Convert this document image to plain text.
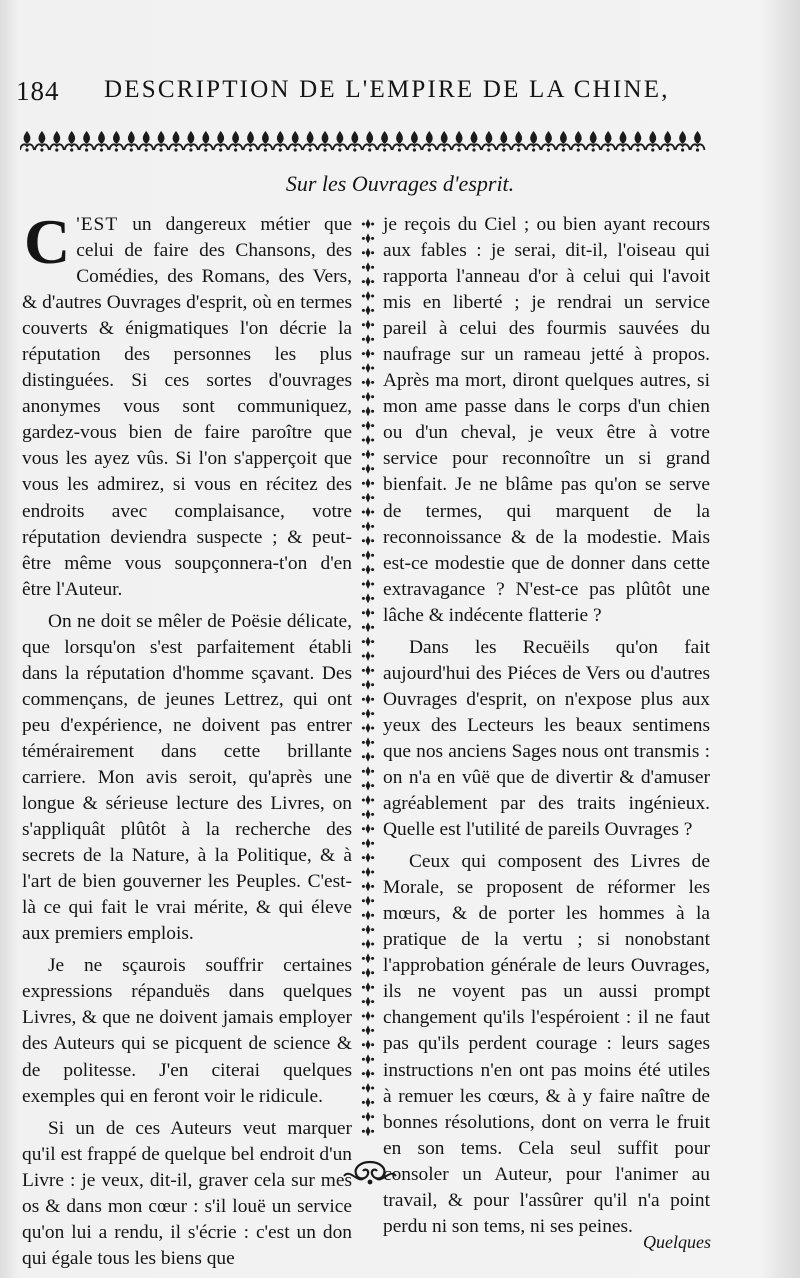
184 DESCRIPTION DE L'EMPIRE DE LA CHINE,
Sur les Ouvrages d'esprit.

C 'EST un dangereux métier que celui de faire des Chansons, des Comédies, des Romans, des Vers, & d'autres Ouvrages d'esprit, où en termes couverts & énigmatiques l'on décrie la réputation des personnes les plus distinguées. Si ces sortes d'ouvrages anonymes vous sont communiquez, gardez-vous bien de faire paroître que vous les ayez vûs. Si l'on s'apperçoit que vous les admirez, si vous en récitez des endroits avec complaisance, votre réputation deviendra suspecte ; & peut-être même vous soupçonnera-t'on d'en être l'Auteur.

On ne doit se mêler de Poësie délicate, que lorsqu'on s'est parfaitement établi dans la réputation d'homme sçavant. Des commençans, de jeunes Lettrez, qui ont peu d'expérience, ne doivent pas entrer témérairement dans cette brillante carriere. Mon avis seroit, qu'après une longue & sérieuse lecture des Livres, on s'appliquât plûtôt à la recherche des secrets de la Nature, à la Politique, & à l'art de bien gouverner les Peuples. C'est-là ce qui fait le vrai mérite, & qui éleve aux premiers emplois.

Je ne sçaurois souffrir certaines expressions répanduës dans quelques Livres, & que ne doivent jamais employer des Auteurs qui se picquent de science & de politesse. J'en citerai quelques exemples qui en feront voir le ridicule.

Si un de ces Auteurs veut marquer qu'il est frappé de quelque bel endroit d'un Livre : je veux, dit-il, graver cela sur mes os & dans mon cœur : s'il louë un service qu'on lui a rendu, il s'écrie : c'est un don qui égale tous les biens que

je reçois du Ciel ; ou bien ayant recours aux fables : je serai, dit-il, l'oiseau qui rapporta l'anneau d'or à celui qui l'avoit mis en liberté ; je rendrai un service pareil à celui des fourmis sauvées du naufrage sur un rameau jetté à propos. Après ma mort, diront quelques autres, si mon ame passe dans le corps d'un chien ou d'un cheval, je veux être à votre service pour reconnoître un si grand bienfait. Je ne blâme pas qu'on se serve de termes, qui marquent de la reconnoissance & de la modestie. Mais est-ce modestie que de donner dans cette extravagance ? N'est-ce pas plûtôt une lâche & indécente flatterie ?

Dans les Recuëils qu'on fait aujourd'hui des Piéces de Vers ou d'autres Ouvrages d'esprit, on n'expose plus aux yeux des Lecteurs les beaux sentimens que nos anciens Sages nous ont transmis : on n'a en vûë que de divertir & d'amuser agréablement par des traits ingénieux. Quelle est l'utilité de pareils Ouvrages ?

Ceux qui composent des Livres de Morale, se proposent de réformer les mœurs, & de porter les hommes à la pratique de la vertu ; si nonobstant l'approbation générale de leurs Ouvrages, ils ne voyent pas un aussi prompt changement qu'ils l'espéroient : il ne faut pas qu'ils perdent courage : leurs sages instructions n'en ont pas moins été utiles à remuer les cœurs, & à y faire naître de bonnes résolutions, dont on verra le fruit en son tems. Cela seul suffit pour consoler un Auteur, pour l'animer au travail, & pour l'assûrer qu'il n'a point perdu ni son tems, ni ses peines.

Quelques
